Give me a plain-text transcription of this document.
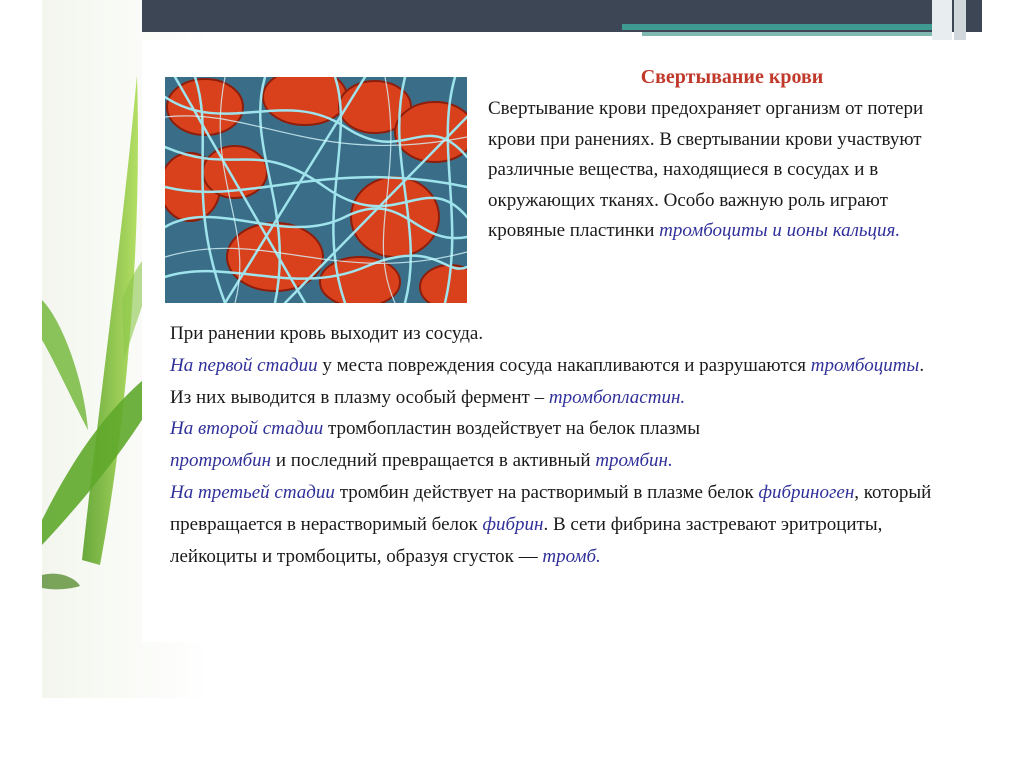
Свертывание крови

Свертывание крови предохраняет организм от потери крови при ранениях. В свертывании крови участвуют различные вещества, находящиеся в сосудах и в окружающих тканях. Особо важную роль играют кровяные пластинки тромбоциты и ионы кальция.

При ранении кровь выходит из сосуда.
На первой стадии у места повреждения сосуда накапливаются и разрушаются тромбоциты. Из них выводится в плазму особый фермент – тромбопластин.
На второй стадии тромбопластин воздействует на белок плазмы
протромбин и последний превращается в активный тромбин.
На третьей стадии тромбин действует на растворимый в плазме белок фибриноген, который превращается в нерастворимый белок фибрин. В сети фибрина застревают эритроциты, лейкоциты и тромбоциты, образуя сгусток — тромб.
